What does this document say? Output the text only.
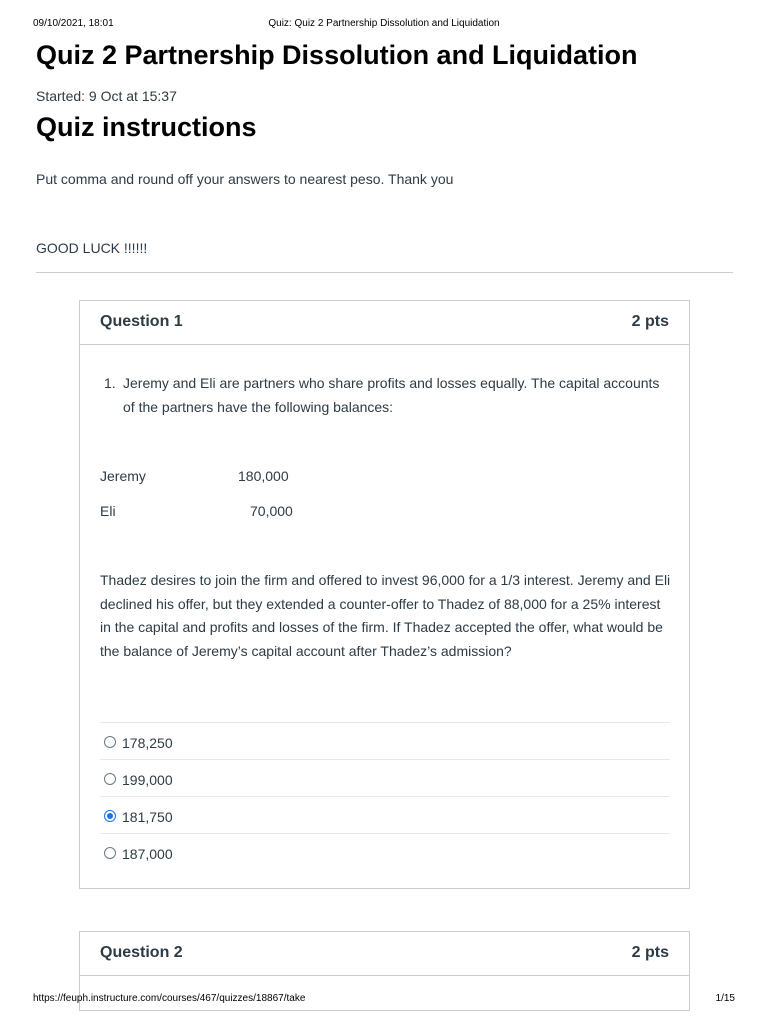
09/10/2021, 18:01	Quiz: Quiz 2 Partnership Dissolution and Liquidation
Quiz 2 Partnership Dissolution and Liquidation
Started: 9 Oct at 15:37
Quiz instructions

Put comma and round off your answers to nearest peso. Thank you

GOOD LUCK !!!!!!

Question 1	2 pts
1. Jeremy and Eli are partners who share profits and losses equally. The capital accounts of the partners have the following balances:
Jeremy	180,000
Eli	70,000

Thadez desires to join the firm and offered to invest 96,000 for a 1/3 interest. Jeremy and Eli declined his offer, but they extended a counter-offer to Thadez of 88,000 for a 25% interest in the capital and profits and losses of the firm. If Thadez accepted the offer, what would be the balance of Jeremy’s capital account after Thadez’s admission?

178,250
199,000
181,750
187,000
Question 2	2 pts
https://feuph.instructure.com/courses/467/quizzes/18867/take	1/15
